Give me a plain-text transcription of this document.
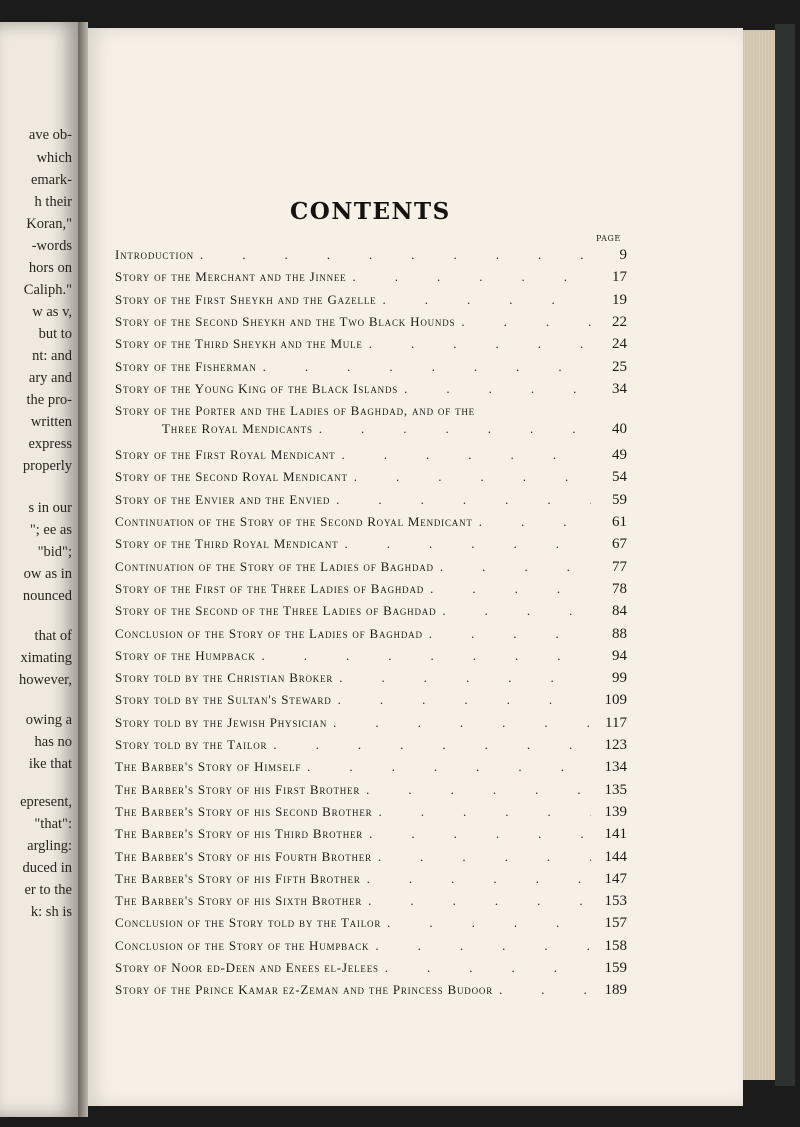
ave ob-
which
emark-
h their
Koran,"
-words
hors on
Caliph."
w as v,
but to
nt: and
ary and
the pro-
written
express
properly
s in our
"; ee as
"bid";
ow as in
nounced
that of
ximating
however,
owing a
has no
ike that
epresent,
"that":
argling:
duced in
er to the
k: sh is
CONTENTS
PAGE
Introduction .	9
Story of the Merchant and the Jinnee .	17
Story of the First Sheykh and the Gazelle .	19
Story of the Second Sheykh and the Two Black Hounds .	22
Story of the Third Sheykh and the Mule .	24
Story of the Fisherman .	25
Story of the Young King of the Black Islands .	34
Story of the Porter and the Ladies of Baghdad, and of the
Three Royal Mendicants .	40
Story of the First Royal Mendicant .	49
Story of the Second Royal Mendicant .	54
Story of the Envier and the Envied .	59
Continuation of the Story of the Second Royal Mendicant .	61
Story of the Third Royal Mendicant .	67
Continuation of the Story of the Ladies of Baghdad .	77
Story of the First of the Three Ladies of Baghdad .	78
Story of the Second of the Three Ladies of Baghdad .	84
Conclusion of the Story of the Ladies of Baghdad .	88
Story of the Humpback .	94
Story told by the Christian Broker .	99
Story told by the Sultan's Steward .	109
Story told by the Jewish Physician .	117
Story told by the Tailor .	123
The Barber's Story of Himself .	134
The Barber's Story of his First Brother .	135
The Barber's Story of his Second Brother .	139
The Barber's Story of his Third Brother .	141
The Barber's Story of his Fourth Brother .	144
The Barber's Story of his Fifth Brother .	147
The Barber's Story of his Sixth Brother .	153
Conclusion of the Story told by the Tailor .	157
Conclusion of the Story of the Humpback .	158
Story of Noor ed-Deen and Enees el-Jelees .	159
Story of the Prince Kamar ez-Zeman and the Princess Budoor .	189
